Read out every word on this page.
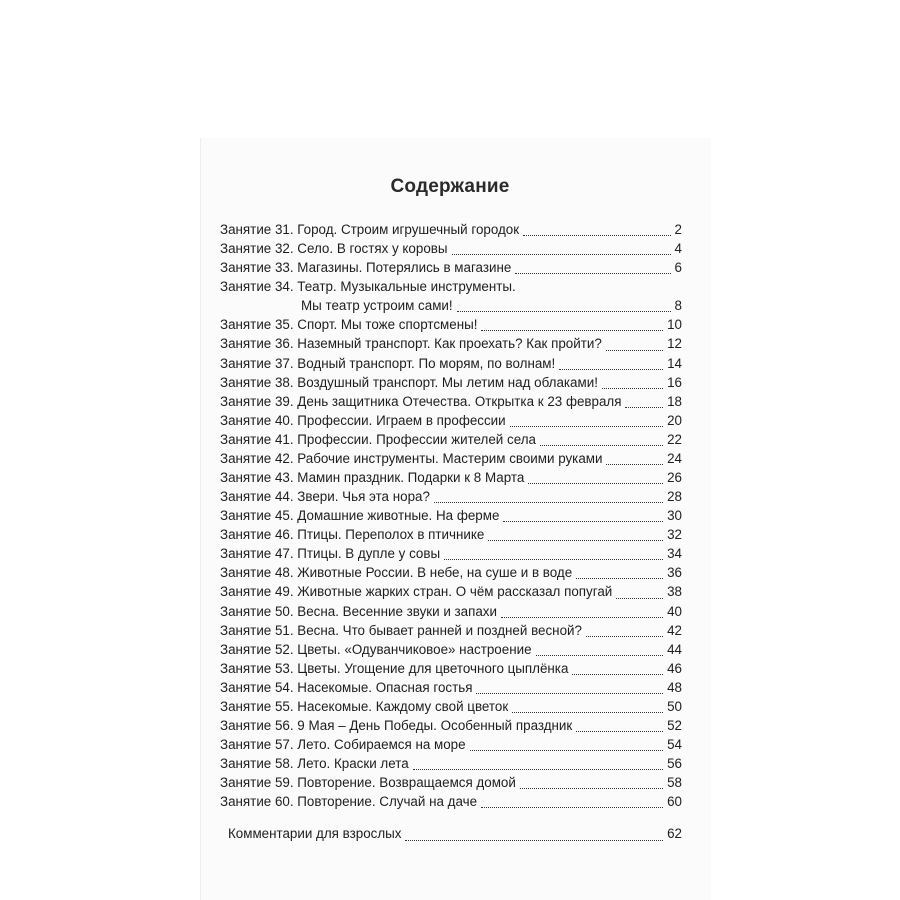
Содержание
Занятие 31. Город. Строим игрушечный городок	2
Занятие 32. Село. В гостях у коровы	4
Занятие 33. Магазины. Потерялись в магазине	6
Занятие 34. Театр. Музыкальные инструменты.
Мы театр устроим сами!	8
Занятие 35. Спорт. Мы тоже спортсмены!	10
Занятие 36. Наземный транспорт. Как проехать? Как пройти?	12
Занятие 37. Водный транспорт. По морям, по волнам!	14
Занятие 38. Воздушный транспорт. Мы летим над облаками!	16
Занятие 39. День защитника Отечества. Открытка к 23 февраля	18
Занятие 40. Профессии. Играем в профессии	20
Занятие 41. Профессии. Профессии жителей села	22
Занятие 42. Рабочие инструменты. Мастерим своими руками	24
Занятие 43. Мамин праздник. Подарки к 8 Марта	26
Занятие 44. Звери. Чья эта нора?	28
Занятие 45. Домашние животные. На ферме	30
Занятие 46. Птицы. Переполох в птичнике	32
Занятие 47. Птицы. В дупле у совы	34
Занятие 48. Животные России. В небе, на суше и в воде	36
Занятие 49. Животные жарких стран. О чём рассказал попугай	38
Занятие 50. Весна. Весенние звуки и запахи	40
Занятие 51. Весна. Что бывает ранней и поздней весной?	42
Занятие 52. Цветы. «Одуванчиковое» настроение	44
Занятие 53. Цветы. Угощение для цветочного цыплёнка	46
Занятие 54. Насекомые. Опасная гостья	48
Занятие 55. Насекомые. Каждому свой цветок	50
Занятие 56. 9 Мая – День Победы. Особенный праздник	52
Занятие 57. Лето. Собираемся на море	54
Занятие 58. Лето. Краски лета	56
Занятие 59. Повторение. Возвращаемся домой	58
Занятие 60. Повторение. Случай на даче	60
Комментарии для взрослых	62
